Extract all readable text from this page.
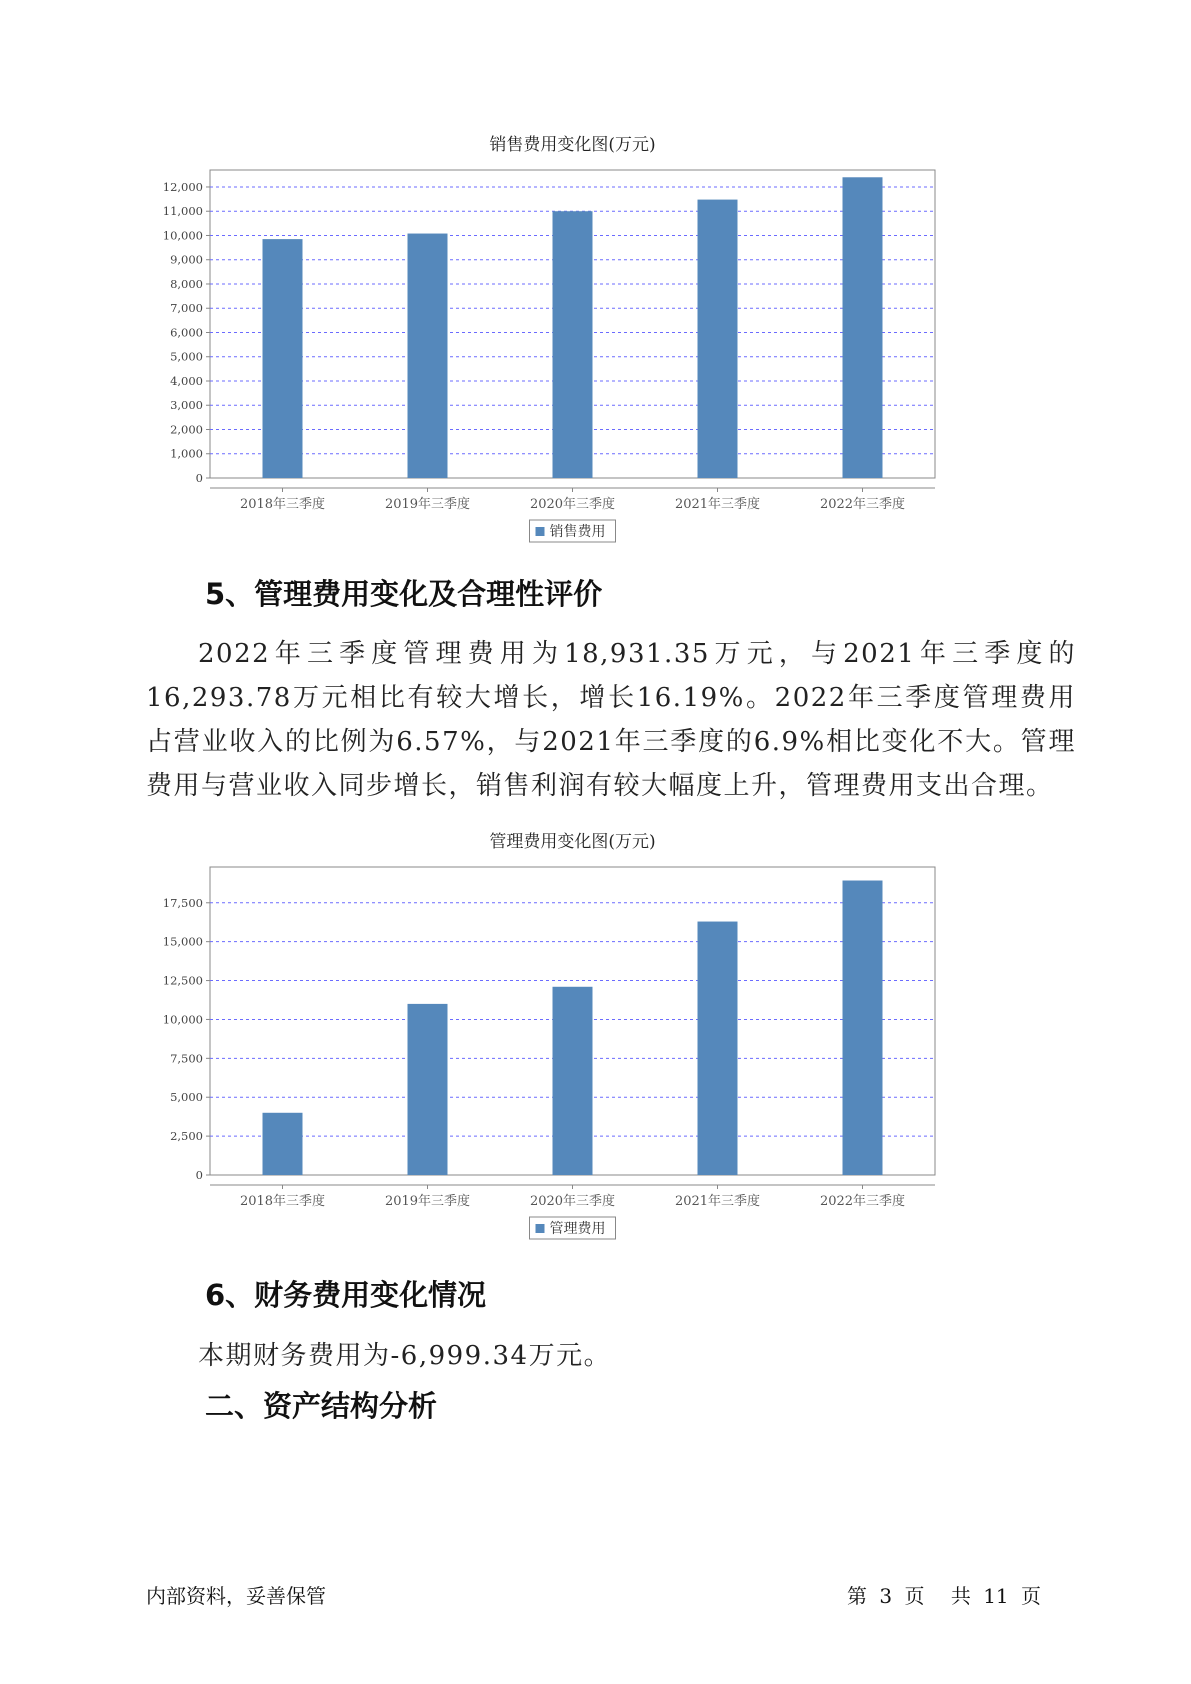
销售费用变化图(万元)
0
1,000
2,000
3,000
4,000
5,000
6,000
7,000
8,000
9,000
10,000
11,000
12,000
2018年三季度	2019年三季度	2020年三季度	2021年三季度	2022年三季度
销售费用
5、管理费用变化及合理性评价

2022年三季度管理费用为18,931.35万元，与2021年三季度的16,293.78万元相比有较大增长，增长16.19%。2022年三季度管理费用占营业收入的比例为6.57%，与2021年三季度的6.9%相比变化不大。管理费用与营业收入同步增长，销售利润有较大幅度上升，管理费用支出合理。

管理费用变化图(万元)
0
2,500
5,000
7,500
10,000
12,500
15,000
17,500
2018年三季度	2019年三季度	2020年三季度	2021年三季度	2022年三季度
管理费用
6、财务费用变化情况

本期财务费用为-6,999.34万元。

二、资产结构分析
内部资料，妥善保管	第 3 页 共 11 页
